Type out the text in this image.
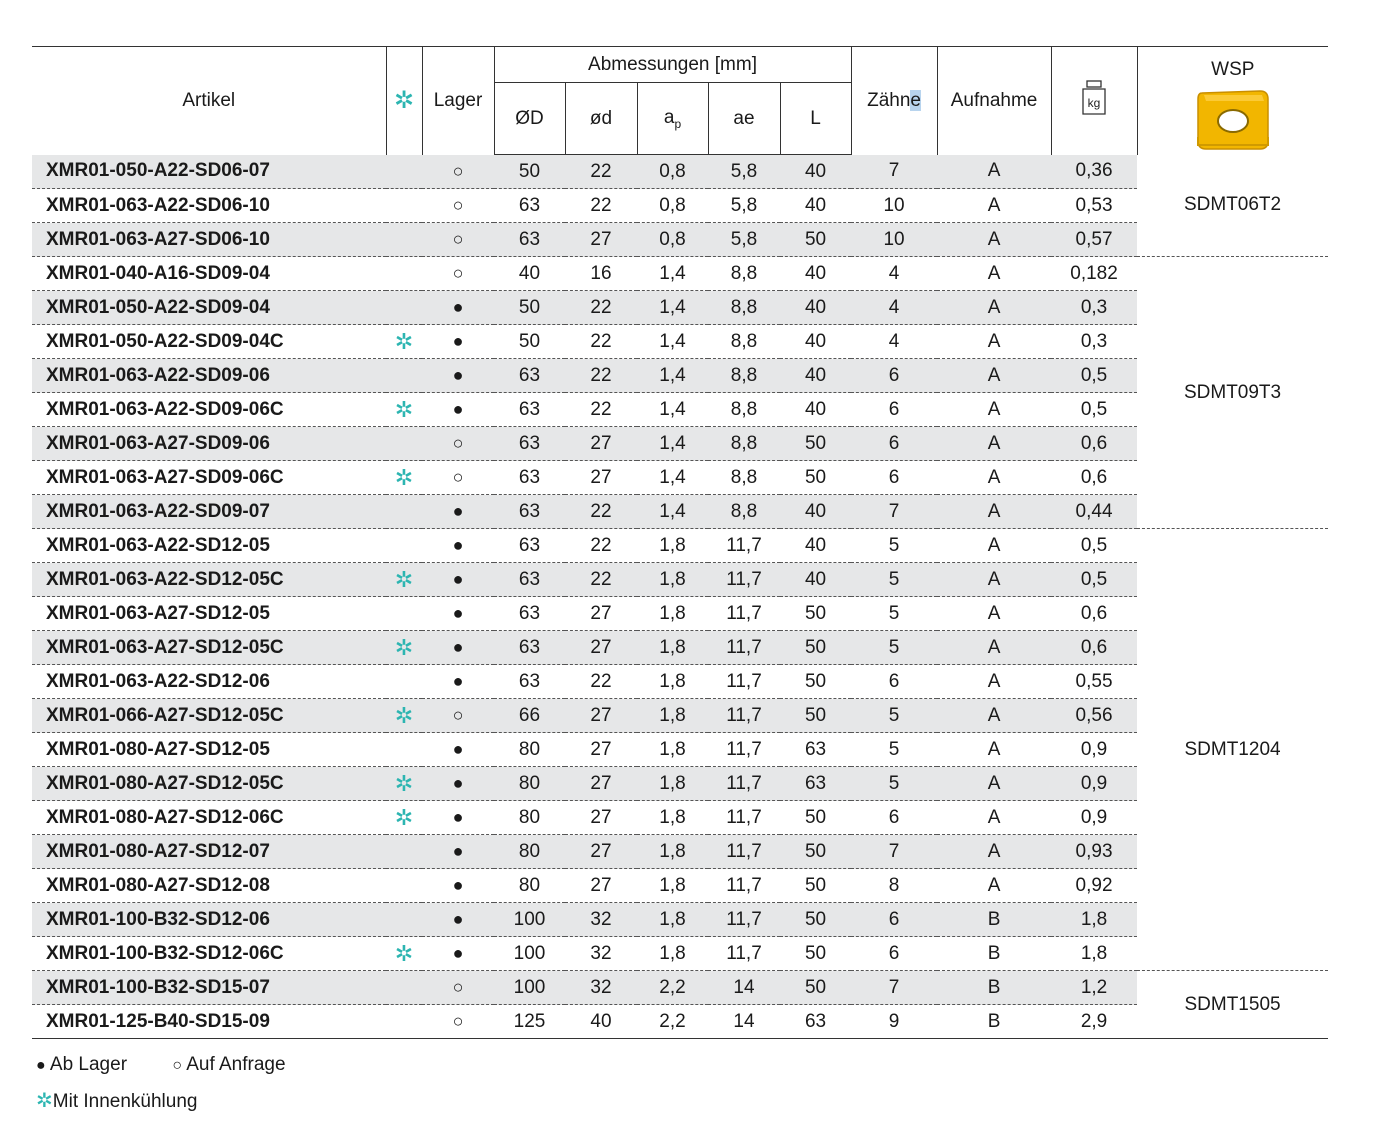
Artikel	✲	Lager	Abmessungen [mm]					Zähne	Aufnahme	kg	WSP

			ØD	ød	$a_p$	ae	L				
XMR01-050-A22-SD06-07		○	50	22	0,8	5,8	40	7	A	0,36	SDMT06T2
XMR01-063-A22-SD06-10		○	63	22	0,8	5,8	40	10	A	0,53	
XMR01-063-A27-SD06-10		○	63	27	0,8	5,8	50	10	A	0,57	
XMR01-040-A16-SD09-04		○	40	16	1,4	8,8	40	4	A	0,182	SDMT09T3
XMR01-050-A22-SD09-04		●	50	22	1,4	8,8	40	4	A	0,3	
XMR01-050-A22-SD09-04C	✲	●	50	22	1,4	8,8	40	4	A	0,3	
XMR01-063-A22-SD09-06		●	63	22	1,4	8,8	40	6	A	0,5	
XMR01-063-A22-SD09-06C	✲	●	63	22	1,4	8,8	40	6	A	0,5	
XMR01-063-A27-SD09-06		○	63	27	1,4	8,8	50	6	A	0,6	
XMR01-063-A27-SD09-06C	✲	○	63	27	1,4	8,8	50	6	A	0,6	
XMR01-063-A22-SD09-07		●	63	22	1,4	8,8	40	7	A	0,44	
XMR01-063-A22-SD12-05		●	63	22	1,8	11,7	40	5	A	0,5	SDMT1204
XMR01-063-A22-SD12-05C	✲	●	63	22	1,8	11,7	40	5	A	0,5	
XMR01-063-A27-SD12-05		●	63	27	1,8	11,7	50	5	A	0,6	
XMR01-063-A27-SD12-05C	✲	●	63	27	1,8	11,7	50	5	A	0,6	
XMR01-063-A22-SD12-06		●	63	22	1,8	11,7	50	6	A	0,55	
XMR01-066-A27-SD12-05C	✲	○	66	27	1,8	11,7	50	5	A	0,56	
XMR01-080-A27-SD12-05		●	80	27	1,8	11,7	63	5	A	0,9	
XMR01-080-A27-SD12-05C	✲	●	80	27	1,8	11,7	63	5	A	0,9	
XMR01-080-A27-SD12-06C	✲	●	80	27	1,8	11,7	50	6	A	0,9	
XMR01-080-A27-SD12-07		●	80	27	1,8	11,7	50	7	A	0,93	
XMR01-080-A27-SD12-08		●	80	27	1,8	11,7	50	8	A	0,92	
XMR01-100-B32-SD12-06		●	100	32	1,8	11,7	50	6	B	1,8	
XMR01-100-B32-SD12-06C	✲	●	100	32	1,8	11,7	50	6	B	1,8	
XMR01-100-B32-SD15-07		○	100	32	2,2	14	50	7	B	1,2	SDMT1505
XMR01-125-B40-SD15-09		○	125	40	2,2	14	63	9	B	2,9	
● Ab Lager	○ Auf Anfrage
✲Mit Innenkühlung
